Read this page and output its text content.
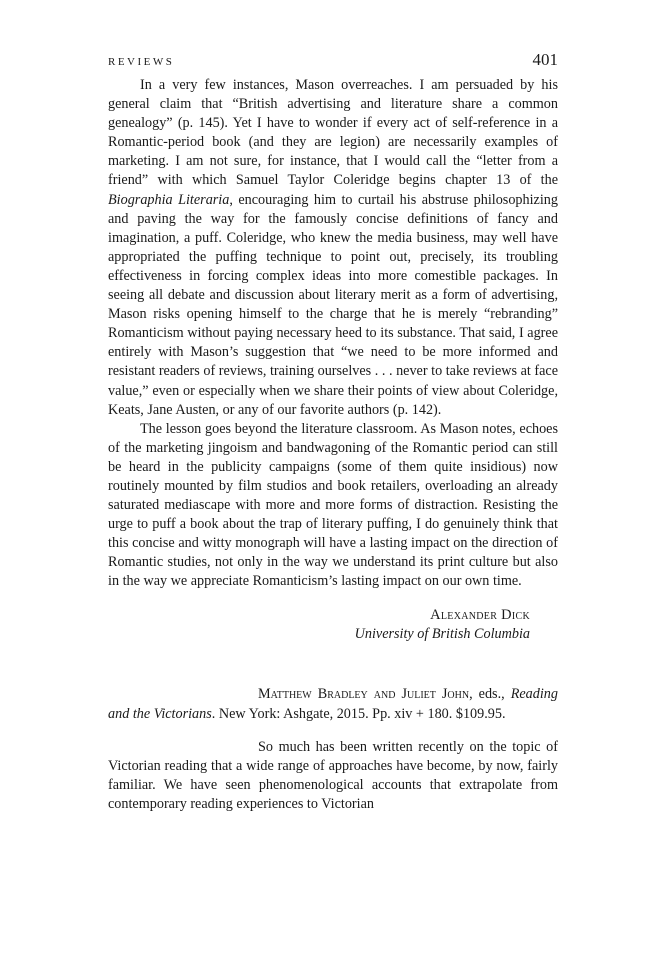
REVIEWS	401

In a very few instances, Mason overreaches. I am persuaded by his general claim that “British advertising and literature share a common genealogy” (p. 145). Yet I have to wonder if every act of self-reference in a Romantic-period book (and they are legion) are necessarily examples of marketing. I am not sure, for instance, that I would call the “letter from a friend” with which Samuel Taylor Coleridge begins chapter 13 of the Biographia Literaria, encouraging him to curtail his abstruse philosophizing and paving the way for the famously concise definitions of fancy and imagination, a puff. Coleridge, who knew the media business, may well have appropriated the puffing technique to point out, precisely, its troubling effectiveness in forcing complex ideas into more comestible packages. In seeing all debate and discussion about literary merit as a form of advertising, Mason risks opening himself to the charge that he is merely “rebranding” Romanticism without paying necessary heed to its substance. That said, I agree entirely with Mason’s suggestion that “we need to be more informed and resistant readers of reviews, training ourselves . . . never to take reviews at face value,” even or especially when we share their points of view about Coleridge, Keats, Jane Austen, or any of our favorite authors (p. 142).

The lesson goes beyond the literature classroom. As Mason notes, echoes of the marketing jingoism and bandwagoning of the Romantic period can still be heard in the publicity campaigns (some of them quite insidious) now routinely mounted by film studios and book retailers, overloading an already saturated mediascape with more and more forms of distraction. Resisting the urge to puff a book about the trap of literary puffing, I do genuinely think that this concise and witty monograph will have a lasting impact on the direction of Romantic studies, not only in the way we understand its print culture but also in the way we appreciate Romanticism’s lasting impact on our own time.

Alexander Dick
University of British Columbia
Matthew Bradley and Juliet John, eds., Reading and the Victorians. New York: Ashgate, 2015. Pp. xiv + 180. $109.95.

So much has been written recently on the topic of Victorian reading that a wide range of approaches have become, by now, fairly familiar. We have seen phenomenological accounts that extrapolate from contemporary reading experiences to Victorian
